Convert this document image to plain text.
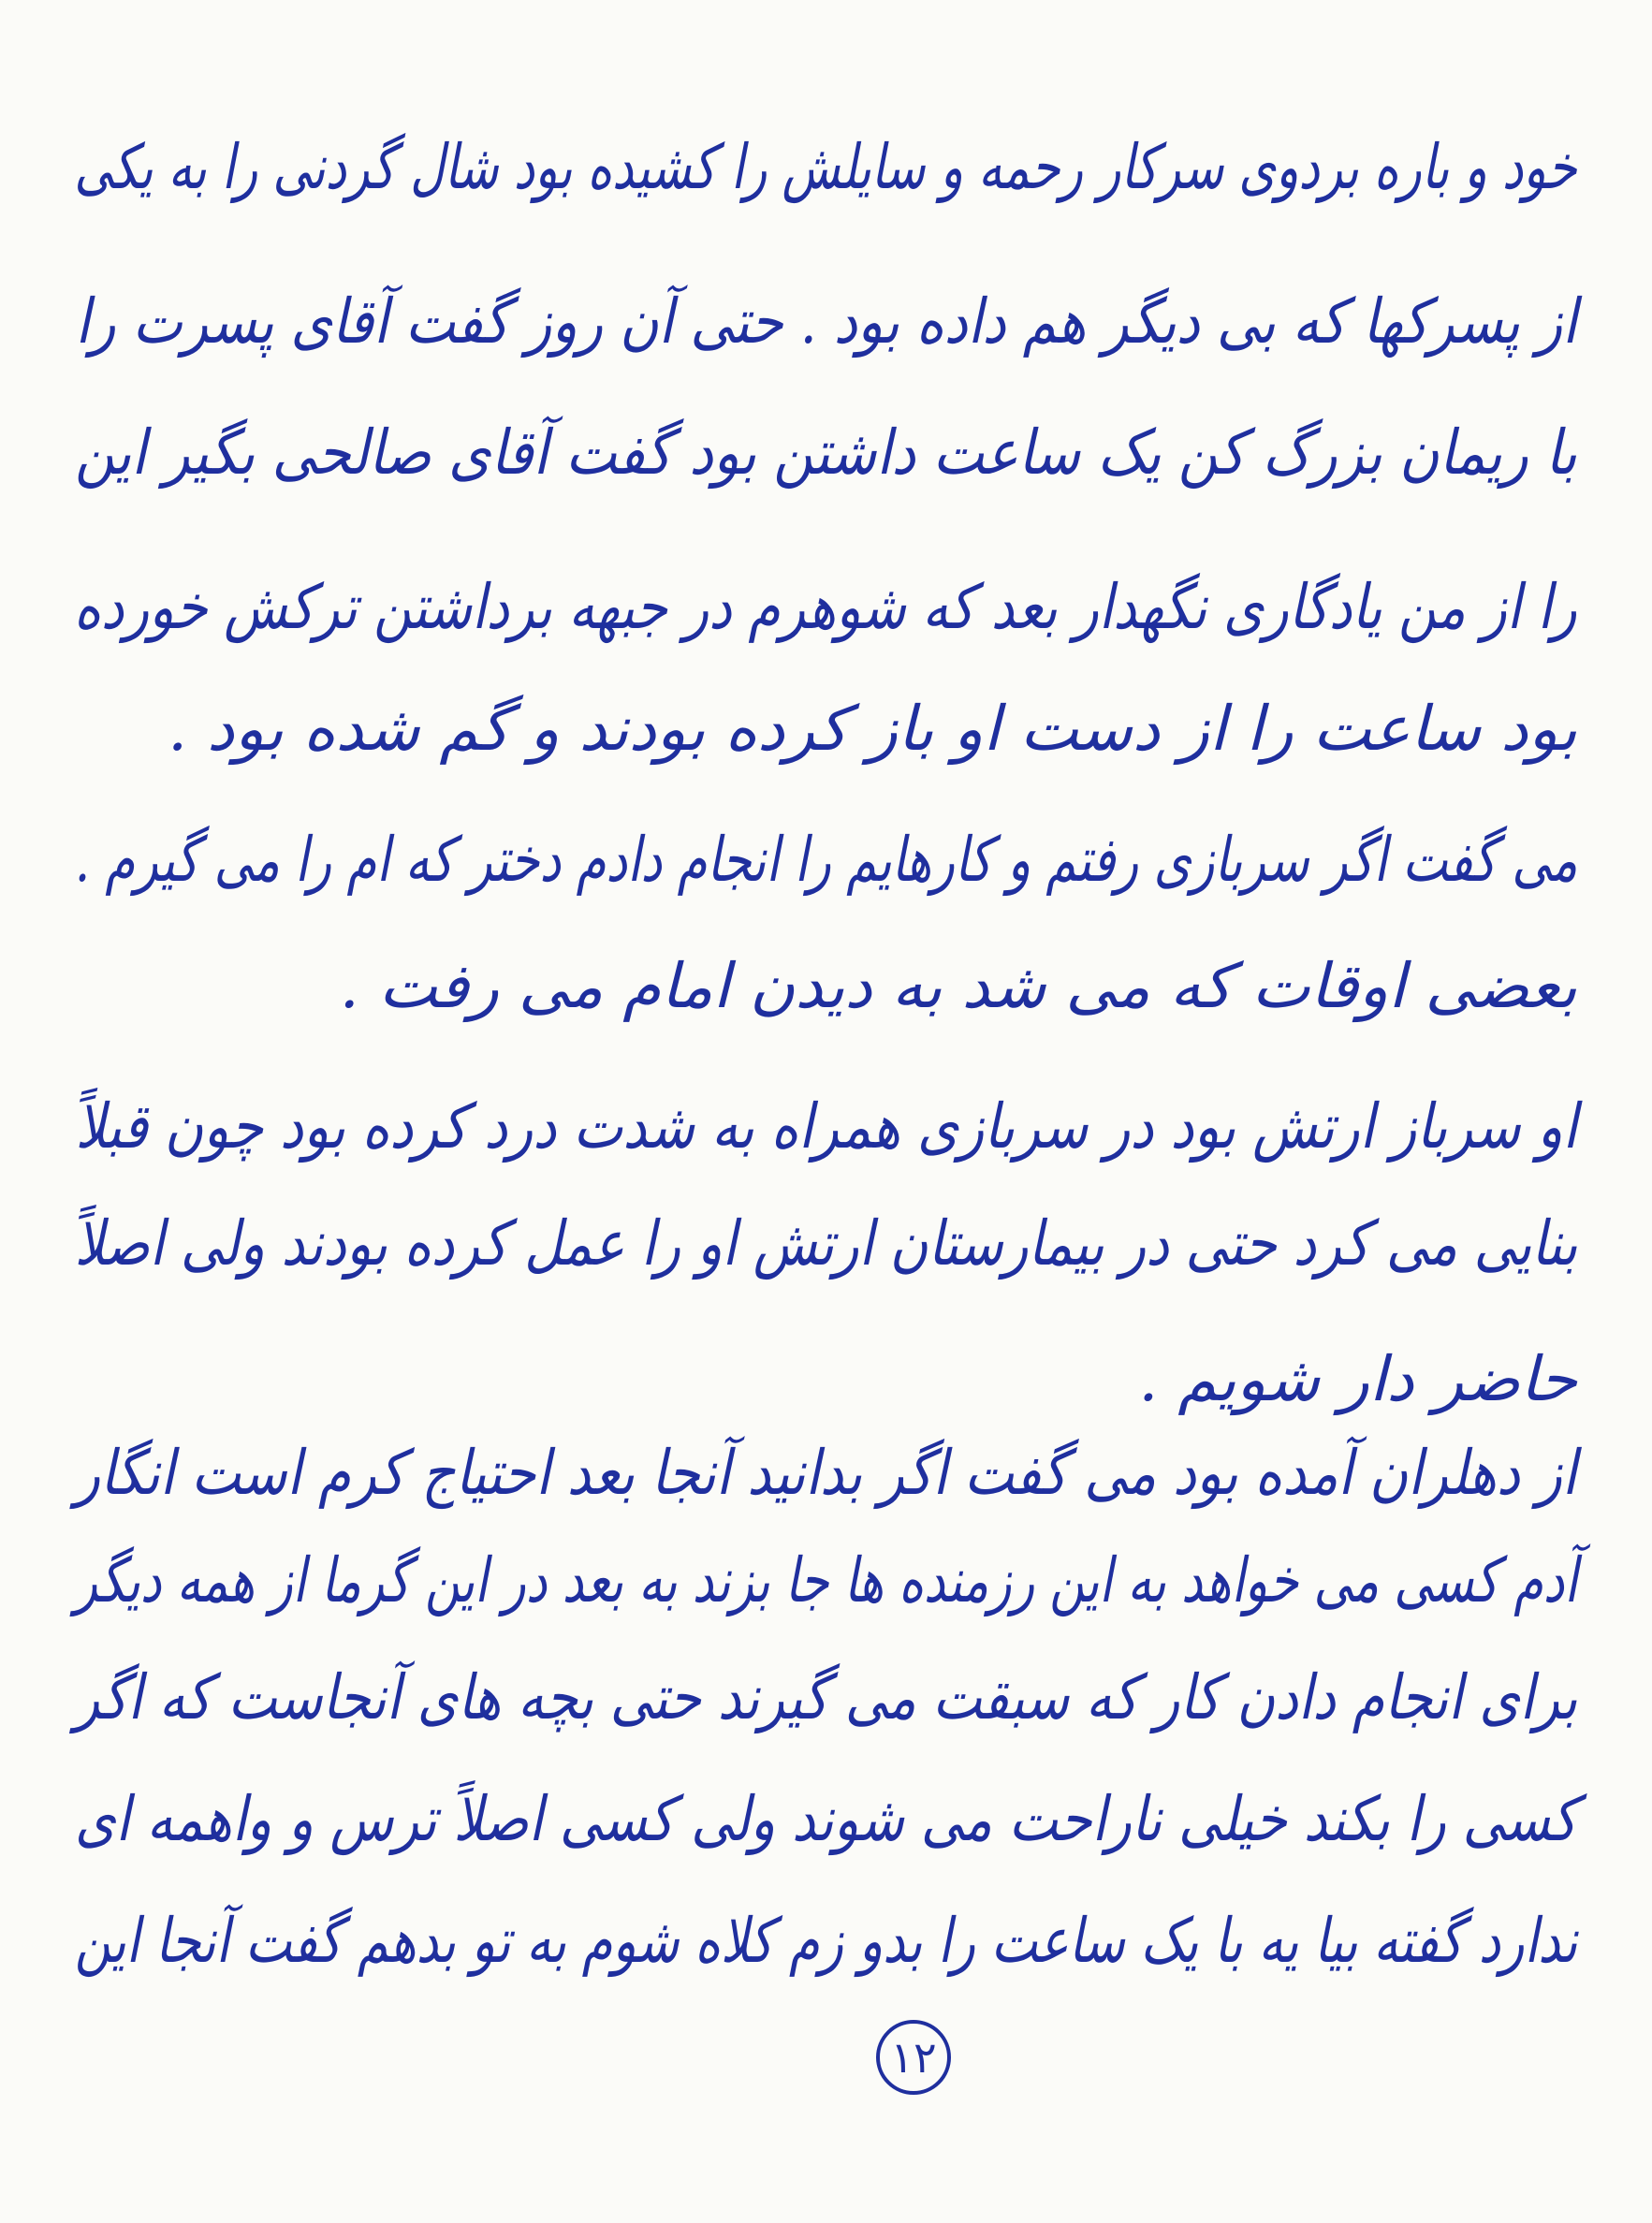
خود و باره بردوی سرکار رحمه و سایلش را کشیده بود شال گردنی را به یکی
از پسرکها که بی دیگر هم داده بود . حتی آن روز گفت آقای پسرت را
با ریمان بزرگ کن یک ساعت داشتن بود گفت آقای صالحی بگیر این
را از من یادگاری نگهدار بعد که شوهرم در جبهه برداشتن ترکش خورده
بود ساعت را از دست او باز کرده بودند و گم شده بود .
می گفت اگر سربازی رفتم و کارهایم را انجام دادم دختر که ام را می گیرم .
بعضی اوقات که می شد به دیدن امام می رفت .
او سرباز ارتش بود در سربازی همراه به شدت درد کرده بود چون قبلاً
بنایی می کرد حتی در بیمارستان ارتش او را عمل کرده بودند ولی اصلاً
حاضر دار شویم .
از دهلران آمده بود می گفت اگر بدانید آنجا بعد احتیاج کرم است انگار
آدم کسی می خواهد به این رزمنده ها جا بزند به بعد در این گرما از همه دیگر
برای انجام دادن کار که سبقت می گیرند حتی بچه های آنجاست که اگر
کسی را بکند خیلی ناراحت می شوند ولی کسی اصلاً ترس و واهمه ای
ندارد گفته بیا یه با یک ساعت را بدو زم کلاه شوم به تو بدهم گفت آنجا این
١٢
